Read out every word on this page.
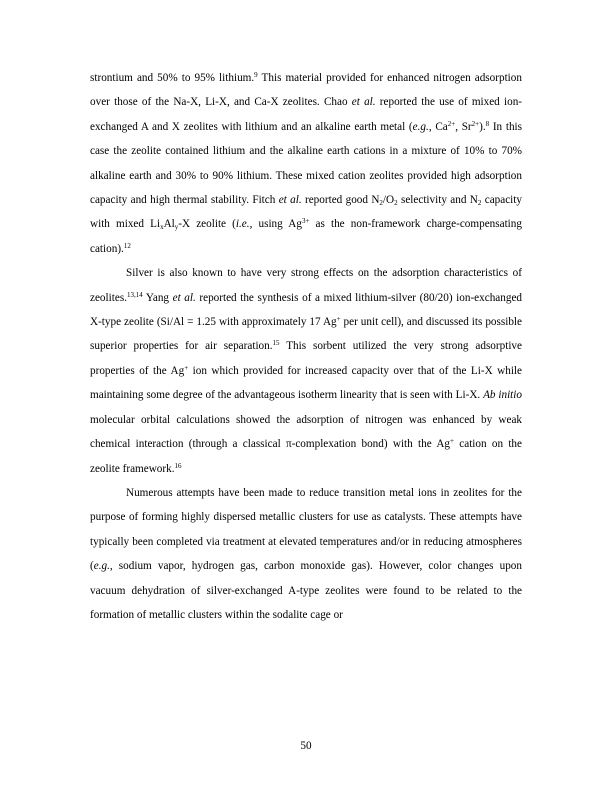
strontium and 50% to 95% lithium.$^9$ This material provided for enhanced nitrogen adsorption over those of the Na-X, Li-X, and Ca-X zeolites. Chao et al. reported the use of mixed ion-exchanged A and X zeolites with lithium and an alkaline earth metal (e.g., $Ca^{2+}$, $Sr^{2+}).^8$ In this case the zeolite contained lithium and the alkaline earth cations in a mixture of 10% to 70% alkaline earth and 30% to 90% lithium. These mixed cation zeolites provided high adsorption capacity and high thermal stability. Fitch et al. reported good $N_2/O_2$ selectivity and $N_2$ capacity with mixed $Li_xAl_y-X$ zeolite (i.e., using $Ag^{3+}$ as the non-framework charge-compensating cation).$^{12}$

Silver is also known to have very strong effects on the adsorption characteristics of zeolites.$^{13,14}$ Yang et al. reported the synthesis of a mixed lithium-silver (80/20) ion-exchanged X-type zeolite (Si/Al = 1.25 with approximately 17 Ag+ per unit cell), and discussed its possible superior properties for air separation.$^{15}$ This sorbent utilized the very strong adsorptive properties of the Ag+ ion which provided for increased capacity over that of the Li-X while maintaining some degree of the advantageous isotherm linearity that is seen with Li-X. Ab initio molecular orbital calculations showed the adsorption of nitrogen was enhanced by weak chemical interaction (through a classical π-complexation bond) with the Ag+ cation on the zeolite framework.$^{16}$

Numerous attempts have been made to reduce transition metal ions in zeolites for the purpose of forming highly dispersed metallic clusters for use as catalysts. These attempts have typically been completed via treatment at elevated temperatures and/or in reducing atmospheres (e.g., sodium vapor, hydrogen gas, carbon monoxide gas). However, color changes upon vacuum dehydration of silver-exchanged A-type zeolites were found to be related to the formation of metallic clusters within the sodalite cage or

50
